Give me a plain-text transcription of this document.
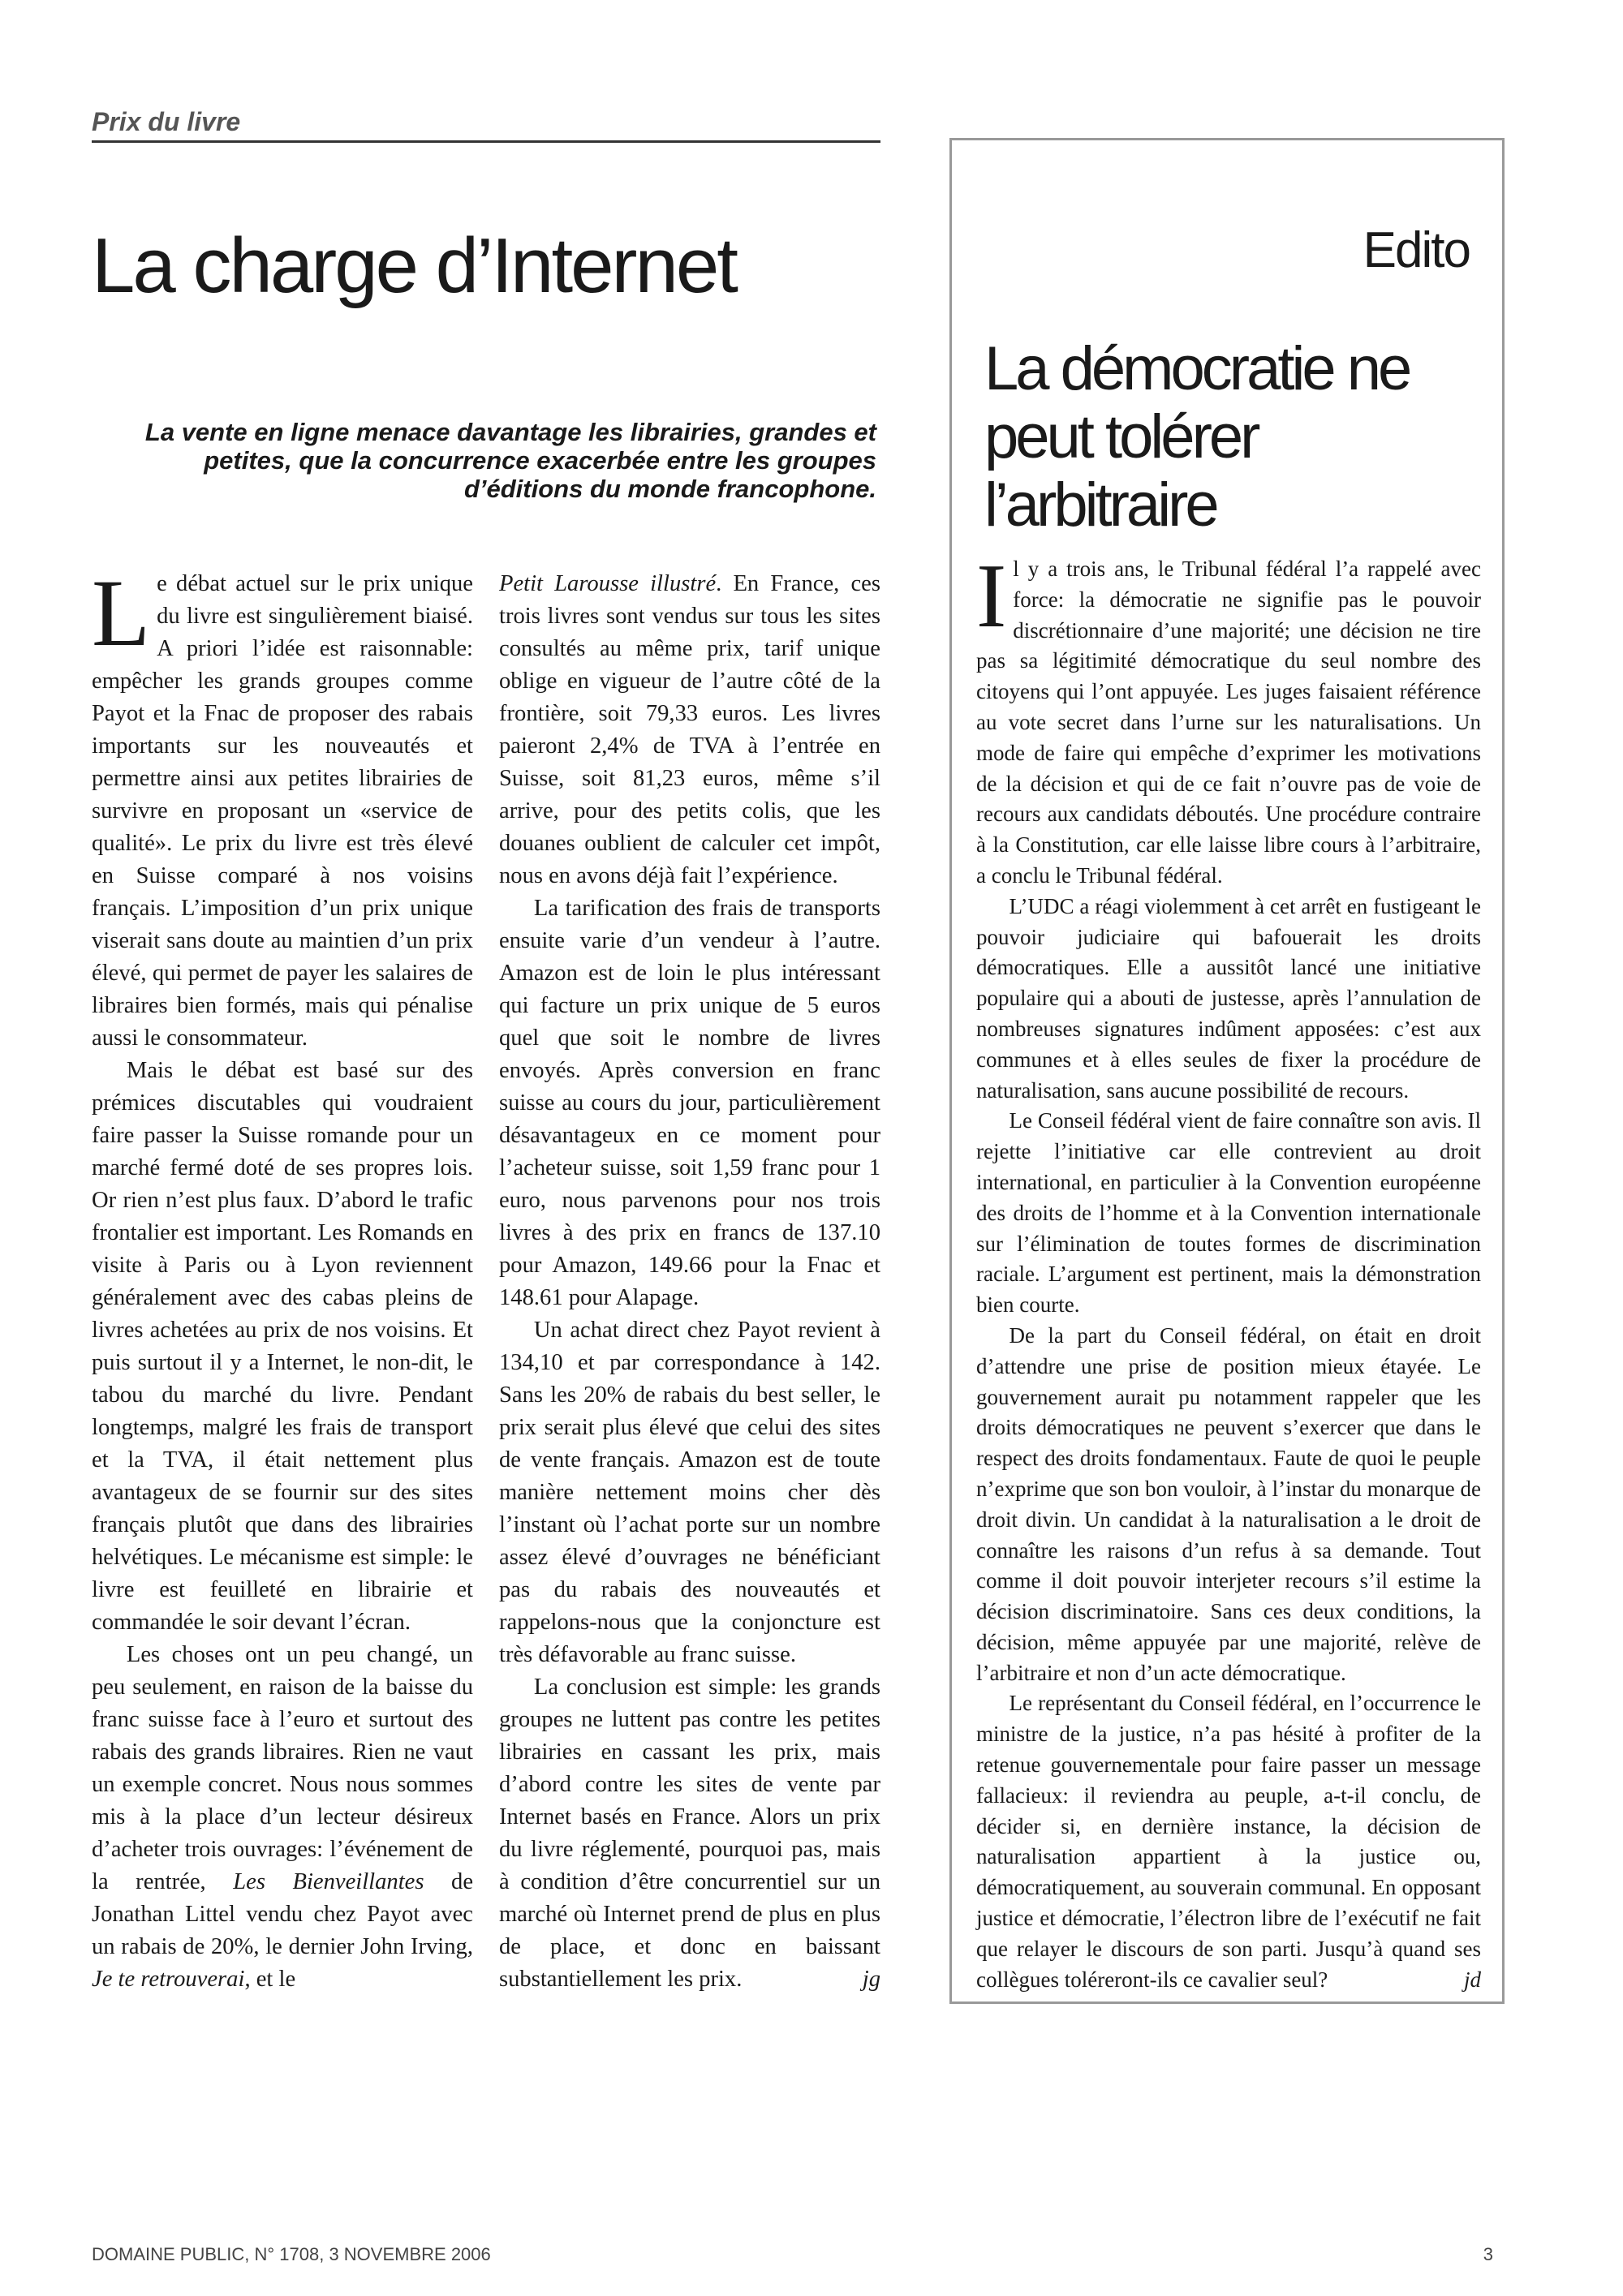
Prix du livre
La charge d’Internet

La vente en ligne menace davantage les librairies, grandes et petites, que la concurrence exacerbée entre les groupes d’éditions du monde francophone.

Le débat actuel sur le prix unique du livre est singulièrement biaisé. A priori l’idée est raisonnable: empêcher les grands groupes comme Payot et la Fnac de proposer des rabais importants sur les nouveautés et permettre ainsi aux petites librairies de survivre en proposant un «service de qualité». Le prix du livre est très élevé en Suisse comparé à nos voisins français. L’imposition d’un prix unique viserait sans doute au maintien d’un prix élevé, qui permet de payer les salaires de libraires bien formés, mais qui pénalise aussi le consommateur.

Mais le débat est basé sur des prémices discutables qui voudraient faire passer la Suisse romande pour un marché fermé doté de ses propres lois. Or rien n’est plus faux. D’abord le trafic frontalier est important. Les Romands en visite à Paris ou à Lyon reviennent généralement avec des cabas pleins de livres achetées au prix de nos voisins. Et puis surtout il y a Internet, le non-dit, le tabou du marché du livre. Pendant longtemps, malgré les frais de transport et la TVA, il était nettement plus avantageux de se fournir sur des sites français plutôt que dans des librairies helvétiques. Le mécanisme est simple: le livre est feuilleté en librairie et commandée le soir devant l’écran.

Les choses ont un peu changé, un peu seulement, en raison de la baisse du franc suisse face à l’euro et surtout des rabais des grands libraires. Rien ne vaut un exemple concret. Nous nous sommes mis à la place d’un lecteur désireux d’acheter trois ouvrages: l’événement de la rentrée, Les Bienveillantes de Jonathan Littel vendu chez Payot avec un rabais de 20%, le dernier John Irving, Je te retrouverai, et le

Petit Larousse illustré. En France, ces trois livres sont vendus sur tous les sites consultés au même prix, tarif unique oblige en vigueur de l’autre côté de la frontière, soit 79,33 euros. Les livres paieront 2,4% de TVA à l’entrée en Suisse, soit 81,23 euros, même s’il arrive, pour des petits colis, que les douanes oublient de calculer cet impôt, nous en avons déjà fait l’expérience.

La tarification des frais de transports ensuite varie d’un vendeur à l’autre. Amazon est de loin le plus intéressant qui facture un prix unique de 5 euros quel que soit le nombre de livres envoyés. Après conversion en franc suisse au cours du jour, particulièrement désavantageux en ce moment pour l’acheteur suisse, soit 1,59 franc pour 1 euro, nous parvenons pour nos trois livres à des prix en francs de 137.10 pour Amazon, 149.66 pour la Fnac et 148.61 pour Alapage.

Un achat direct chez Payot revient à 134,10 et par correspondance à 142. Sans les 20% de rabais du best seller, le prix serait plus élevé que celui des sites de vente français. Amazon est de toute manière nettement moins cher dès l’instant où l’achat porte sur un nombre assez élevé d’ouvrages ne bénéficiant pas du rabais des nouveautés et rappelons-nous que la conjoncture est très défavorable au franc suisse.

La conclusion est simple: les grands groupes ne luttent pas contre les petites librairies en cassant les prix, mais d’abord contre les sites de vente par Internet basés en France. Alors un prix du livre réglementé, pourquoi pas, mais à condition d’être concurrentiel sur un marché où Internet prend de plus en plus de place, et donc en baissant substantiellement les prix.	jg

Edito
La démocratie ne peut tolérer l’arbitraire

Il y a trois ans, le Tribunal fédéral l’a rappelé avec force: la démocratie ne signifie pas le pouvoir discrétionnaire d’une majorité; une décision ne tire pas sa légitimité démocratique du seul nombre des citoyens qui l’ont appuyée. Les juges faisaient référence au vote secret dans l’urne sur les naturalisations. Un mode de faire qui empêche d’exprimer les motivations de la décision et qui de ce fait n’ouvre pas de voie de recours aux candidats déboutés. Une procédure contraire à la Constitution, car elle laisse libre cours à l’arbitraire, a conclu le Tribunal fédéral.

L’UDC a réagi violemment à cet arrêt en fustigeant le pouvoir judiciaire qui bafouerait les droits démocratiques. Elle a aussitôt lancé une initiative populaire qui a abouti de justesse, après l’annulation de nombreuses signatures indûment apposées: c’est aux communes et à elles seules de fixer la procédure de naturalisation, sans aucune possibilité de recours.

Le Conseil fédéral vient de faire connaître son avis. Il rejette l’initiative car elle contrevient au droit international, en particulier à la Convention européenne des droits de l’homme et à la Convention internationale sur l’élimination de toutes formes de discrimination raciale. L’argument est pertinent, mais la démonstration bien courte.

De la part du Conseil fédéral, on était en droit d’attendre une prise de position mieux étayée. Le gouvernement aurait pu notamment rappeler que les droits démocratiques ne peuvent s’exercer que dans le respect des droits fondamentaux. Faute de quoi le peuple n’exprime que son bon vouloir, à l’instar du monarque de droit divin. Un candidat à la naturalisation a le droit de connaître les raisons d’un refus à sa demande. Tout comme il doit pouvoir interjeter recours s’il estime la décision discriminatoire. Sans ces deux conditions, la décision, même appuyée par une majorité, relève de l’arbitraire et non d’un acte démocratique.

Le représentant du Conseil fédéral, en l’occurrence le ministre de la justice, n’a pas hésité à profiter de la retenue gouvernementale pour faire passer un message fallacieux: il reviendra au peuple, a-t-il conclu, de décider si, en dernière instance, la décision de naturalisation appartient à la justice ou, démocratiquement, au souverain communal. En opposant justice et démocratie, l’électron libre de l’exécutif ne fait que relayer le discours de son parti. Jusqu’à quand ses collègues toléreront-ils ce cavalier seul?	jd

DOMAINE PUBLIC, N° 1708, 3 NOVEMBRE 2006	3
